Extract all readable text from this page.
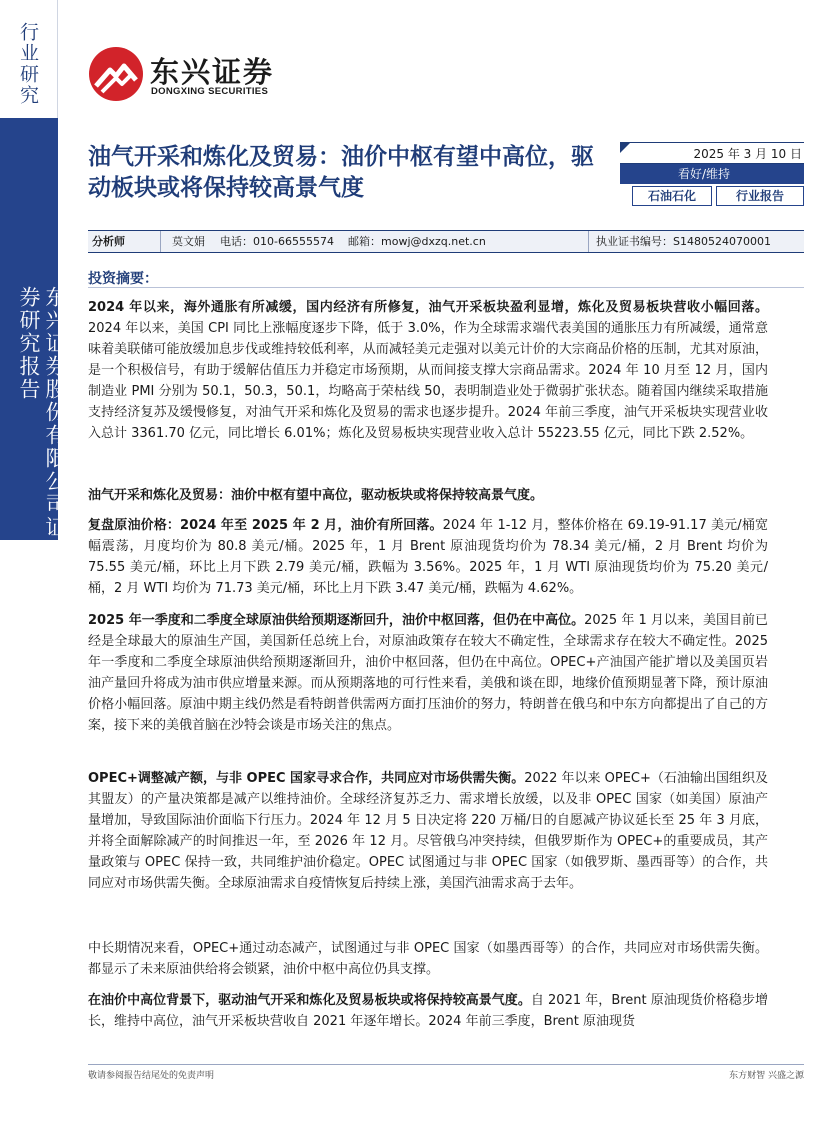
行业研究
东兴证券股份有限公司证券研究报告
东兴证券
DONGXING SECURITIES
油气开采和炼化及贸易：油价中枢有望中高位，驱动板块或将保持较高景气度
2025 年 3 月 10 日
看好/维持
石油石化	行业报告
分析师	莫文娟 电话：010-66555574 邮箱：mowj@dxzq.net.cn	执业证书编号：S1480524070001
投资摘要：
2024 年以来，海外通胀有所减缓，国内经济有所修复，油气开采板块盈利显增，炼化及贸易板块营收小幅回落。2024 年以来，美国 CPI 同比上涨幅度逐步下降，低于 3.0%，作为全球需求端代表美国的通胀压力有所减缓，通常意味着美联储可能放缓加息步伐或维持较低利率，从而减轻美元走强对以美元计价的大宗商品价格的压制，尤其对原油，是一个积极信号，有助于缓解估值压力并稳定市场预期，从而间接支撑大宗商品需求。2024 年 10 月至 12 月，国内制造业 PMI 分别为 50.1，50.3，50.1，均略高于荣枯线 50，表明制造业处于微弱扩张状态。随着国内继续采取措施支持经济复苏及缓慢修复，对油气开采和炼化及贸易的需求也逐步提升。2024 年前三季度，油气开采板块实现营业收入总计 3361.70 亿元，同比增长 6.01%；炼化及贸易板块实现营业收入总计 55223.55 亿元，同比下跌 2.52%。
油气开采和炼化及贸易：油价中枢有望中高位，驱动板块或将保持较高景气度。
复盘原油价格：2024 年至 2025 年 2 月，油价有所回落。2024 年 1-12 月，整体价格在 69.19-91.17 美元/桶宽幅震荡，月度均价为 80.8 美元/桶。2025 年，1 月 Brent 原油现货均价为 78.34 美元/桶，2 月 Brent 均价为 75.55 美元/桶，环比上月下跌 2.79 美元/桶，跌幅为 3.56%。2025 年，1 月 WTI 原油现货均价为 75.20 美元/桶，2 月 WTI 均价为 71.73 美元/桶，环比上月下跌 3.47 美元/桶，跌幅为 4.62%。
2025 年一季度和二季度全球原油供给预期逐渐回升，油价中枢回落，但仍在中高位。2025 年 1 月以来，美国目前已经是全球最大的原油生产国，美国新任总统上台，对原油政策存在较大不确定性，全球需求存在较大不确定性。2025 年一季度和二季度全球原油供给预期逐渐回升，油价中枢回落，但仍在中高位。OPEC+产油国产能扩增以及美国页岩油产量回升将成为油市供应增量来源。而从预期落地的可行性来看，美俄和谈在即，地缘价值预期显著下降，预计原油价格小幅回落。原油中期主线仍然是看特朗普供需两方面打压油价的努力，特朗普在俄乌和中东方向都提出了自己的方案，接下来的美俄首脑在沙特会谈是市场关注的焦点。
OPEC+调整减产额，与非 OPEC 国家寻求合作，共同应对市场供需失衡。2022 年以来 OPEC+（石油输出国组织及其盟友）的产量决策都是减产以维持油价。全球经济复苏乏力、需求增长放缓，以及非 OPEC 国家（如美国）原油产量增加，导致国际油价面临下行压力。2024 年 12 月 5 日决定将 220 万桶/日的自愿减产协议延长至 25 年 3 月底，并将全面解除减产的时间推迟一年，至 2026 年 12 月。尽管俄乌冲突持续，但俄罗斯作为 OPEC+的重要成员，其产量政策与 OPEC 保持一致，共同维护油价稳定。OPEC 试图通过与非 OPEC 国家（如俄罗斯、墨西哥等）的合作，共同应对市场供需失衡。全球原油需求自疫情恢复后持续上涨，美国汽油需求高于去年。
中长期情况来看，OPEC+通过动态减产，试图通过与非 OPEC 国家（如墨西哥等）的合作，共同应对市场供需失衡。都显示了未来原油供给将会锁紧，油价中枢中高位仍具支撑。
在油价中高位背景下，驱动油气开采和炼化及贸易板块或将保持较高景气度。自 2021 年，Brent 原油现货价格稳步增长，维持中高位，油气开采板块营收自 2021 年逐年增长。2024 年前三季度，Brent 原油现货
敬请参阅报告结尾处的免责声明	东方财智 兴盛之源
